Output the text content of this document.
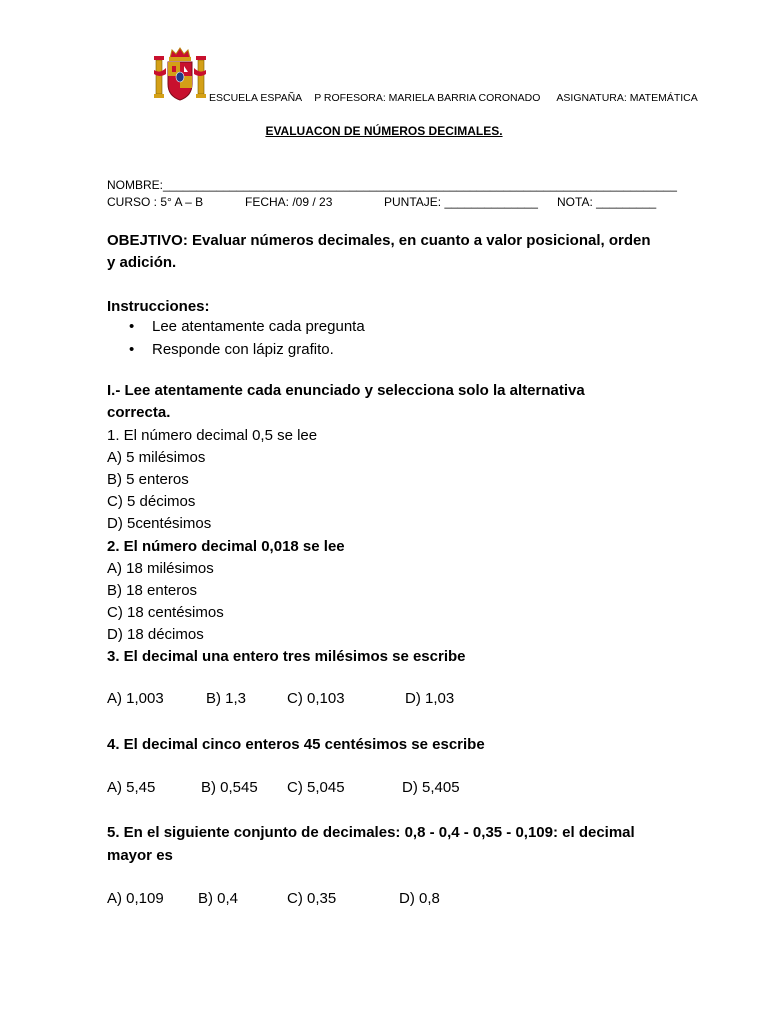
ESCUELA ESPAÑA P ROFESORA: MARIELA BARRIA CORONADO ASIGNATURA: MATEMÁTICA
EVALUACON DE NÚMEROS DECIMALES.
NOMBRE:_____________________________________________________________________________
CURSO : 5° A – B	FECHA: /09 / 23	PUNTAJE: ______________ NOTA: _________
OBEJTIVO: Evaluar números decimales, en cuanto a valor posicional, orden
y adición.
Instrucciones:
• Lee atentamente cada pregunta
• Responde con lápiz grafito.
I.- Lee atentamente cada enunciado y selecciona solo la alternativa
correcta.
1. El número decimal 0,5 se lee
A) 5 milésimos
B) 5 enteros
C) 5 décimos
D) 5centésimos
2. El número decimal 0,018 se lee
A) 18 milésimos
B) 18 enteros
C) 18 centésimos
D) 18 décimos
3. El decimal una entero tres milésimos se escribe
A) 1,003	B) 1,3	C) 0,103	D) 1,03
4. El decimal cinco enteros 45 centésimos se escribe
A) 5,45	B) 0,545 C) 5,045	D) 5,405
5. En el siguiente conjunto de decimales: 0,8 - 0,4 - 0,35 - 0,109: el decimal
mayor es
A) 0,109 B) 0,4	C) 0,35	D) 0,8
